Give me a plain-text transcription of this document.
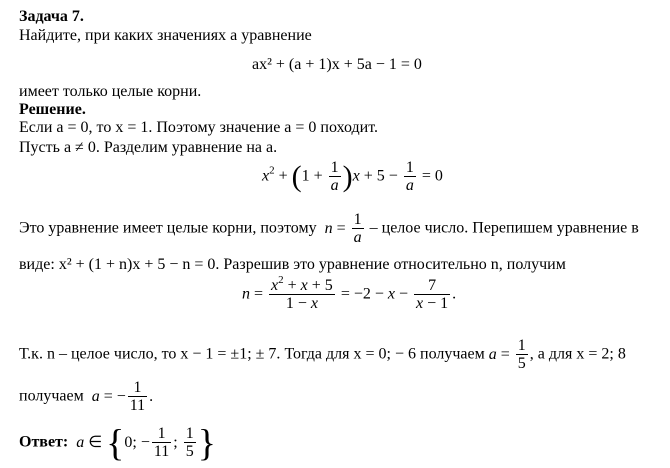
Задача 7.
Найдите, при каких значениях a уравнение
ax² + (a + 1)x + 5a − 1 = 0
имеет только целые корни.
Решение.
Если a = 0, то x = 1. Поэтому значение a = 0 походит.
Пусть a ≠ 0. Разделим уравнение на a.
$x^2 + (1 + \frac{1}{a} )x + 5 - \frac{1}{a} = 0$
Это уравнение имеет целые корни, поэтому $n = \frac{1}{a}$ – целое число. Перепишем уравнение в
виде: x² + (1 + n)x + 5 − n = 0. Разрешив это уравнение относительно n, получим
$n = \frac{x^2 + x + 5}{1 - x} = -2 - x - \frac{7}{x - 1}$ .
Т.к. n – целое число, то x − 1 = ±1; ± 7. Тогда для x = 0; − 6 получаем $a = \frac{1}{5}$ , а для x = 2; 8
получаем a = − $\frac{1}{11}$ .
Ответ: a ∈ {0; − $\frac{1}{11}$ ; $\frac{1}{5}$ }
